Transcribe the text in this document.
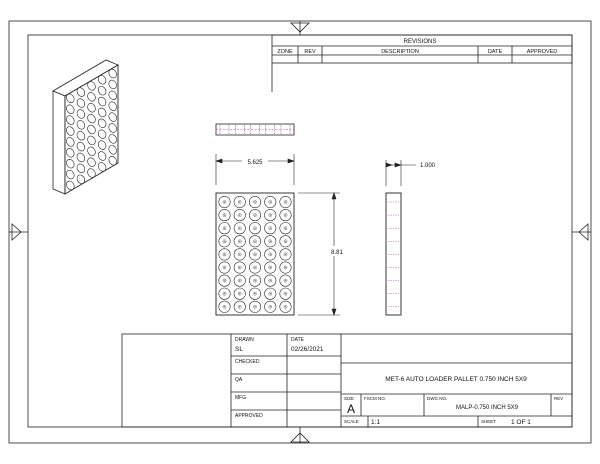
REVISIONS
ZONE REV	DESCRIPTION	DATE	APPROVED
5.625
8.81
1.000
DRAWN
SL
DATE
02/26/2021
CHECKED
QA
MFG
APPROVED
MET-6 AUTO LOADER PALLET 0.750 INCH 5X9
SIZE
A
FSCM NO.	DWG NO.
MALP-0.750 INCH 5X9
REV
SCALE 1:1	SHEET 1 OF 1
